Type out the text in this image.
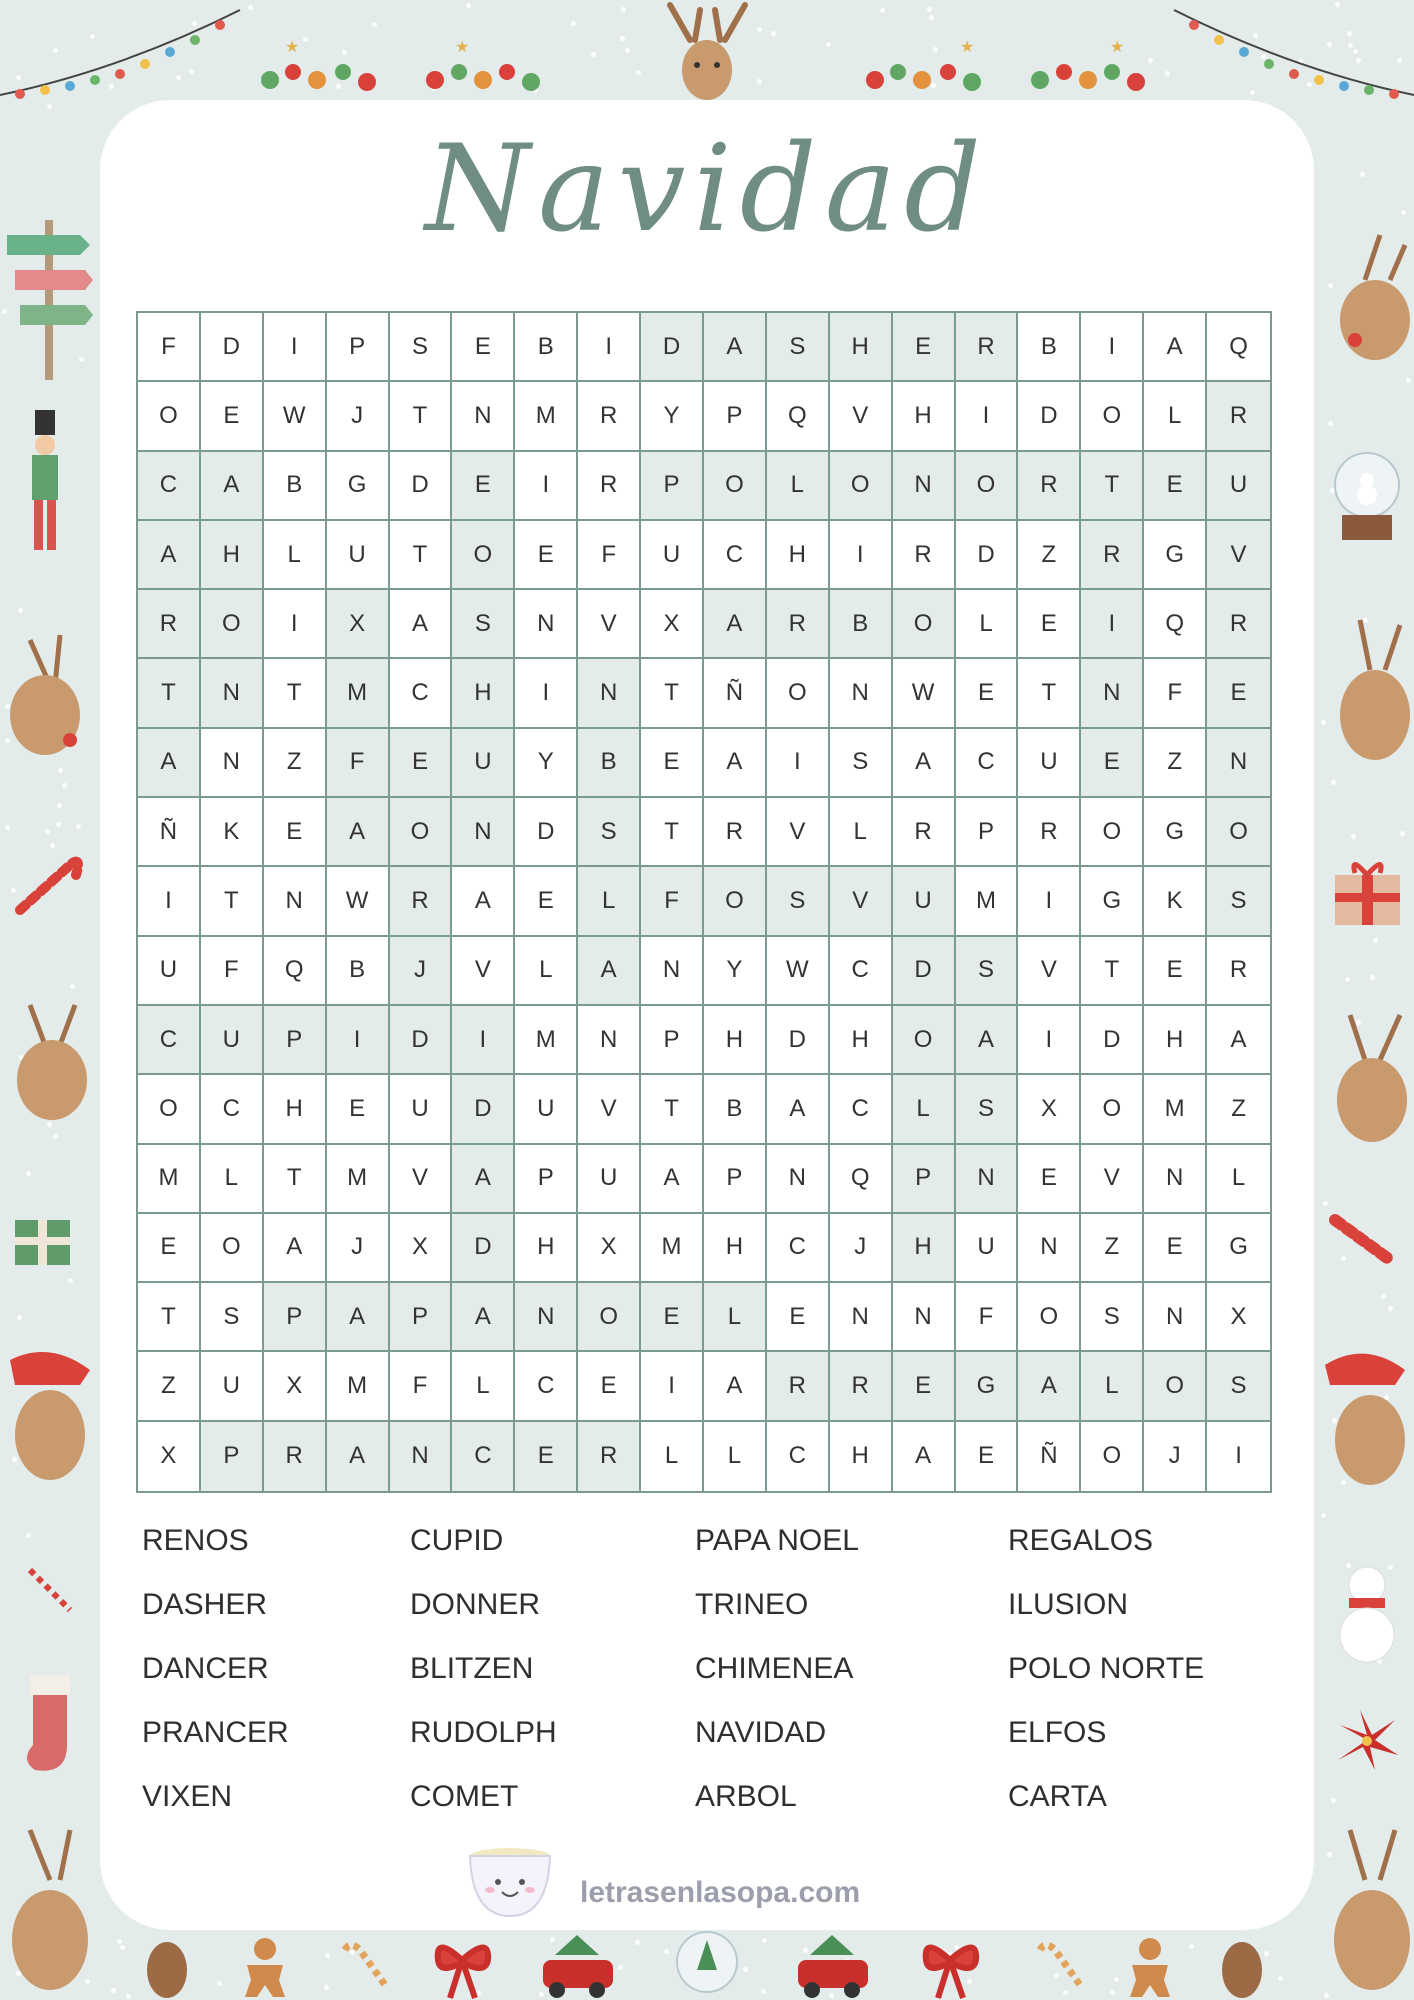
★	★	★	★
Navidad
F	D	I	P	S	E	B	I	D	A	S	H	E	R	B	I	A	Q
O	E	W	J	T	N	M	R	Y	P	Q	V	H	I	D	O	L	R
C	A	B	G	D	E	I	R	P	O	L	O	N	O	R	T	E	U
A	H	L	U	T	O	E	F	U	C	H	I	R	D	Z	R	G	V
R	O	I	X	A	S	N	V	X	A	R	B	O	L	E	I	Q	R
T	N	T	M	C	H	I	N	T	Ñ	O	N	W	E	T	N	F	E
A	N	Z	F	E	U	Y	B	E	A	I	S	A	C	U	E	Z	N
Ñ	K	E	A	O	N	D	S	T	R	V	L	R	P	R	O	G	O
I	T	N	W	R	A	E	L	F	O	S	V	U	M	I	G	K	S
U	F	Q	B	J	V	L	A	N	Y	W	C	D	S	V	T	E	R
C	U	P	I	D	I	M	N	P	H	D	H	O	A	I	D	H	A
O	C	H	E	U	D	U	V	T	B	A	C	L	S	X	O	M	Z
M	L	T	M	V	A	P	U	A	P	N	Q	P	N	E	V	N	L
E	O	A	J	X	D	H	X	M	H	C	J	H	U	N	Z	E	G
T	S	P	A	P	A	N	O	E	L	E	N	N	F	O	S	N	X
Z	U	X	M	F	L	C	E	I	A	R	R	E	G	A	L	O	S
X	P	R	A	N	C	E	R	L	L	C	H	A	E	Ñ	O	J	I
RENOS
DASHER
DANCER
PRANCER
VIXEN
CUPID
DONNER
BLITZEN
RUDOLPH
COMET
PAPA NOEL
TRINEO
CHIMENEA
NAVIDAD
ARBOL
REGALOS
ILUSION
POLO NORTE
ELFOS
CARTA
letrasenlasopa.com
